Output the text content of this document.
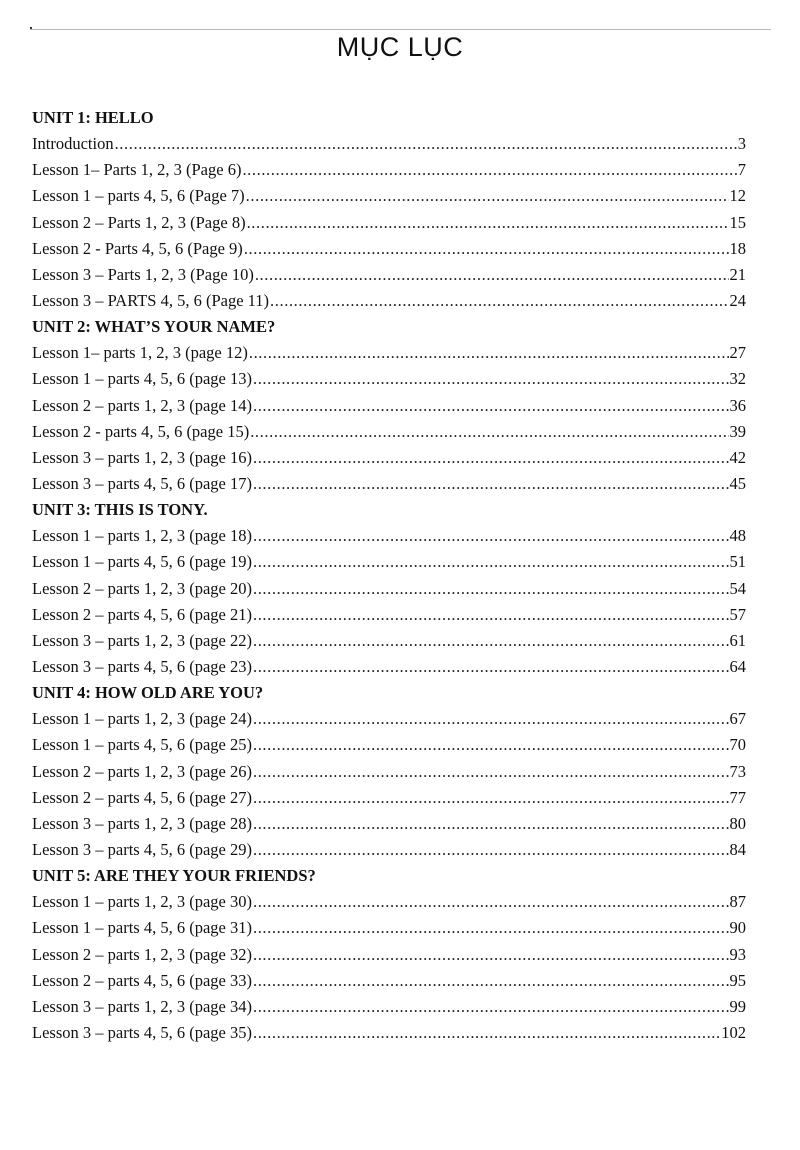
MỤC LỤC
UNIT 1: HELLO
Introduction .....	3
Lesson 1– Parts 1, 2, 3 (Page 6) .....	7
Lesson 1 – parts 4, 5, 6 (Page 7) .....	12
Lesson 2 – Parts 1, 2, 3 (Page 8) .....	15
Lesson 2 - Parts 4, 5, 6 (Page 9) .....	18
Lesson 3 – Parts 1, 2, 3 (Page 10) .....	21
Lesson 3 – PARTS 4, 5, 6 (Page 11) .....	24
UNIT 2: WHAT’S YOUR NAME?
Lesson 1– parts 1, 2, 3 (page 12) .....	27
Lesson 1 – parts 4, 5, 6 (page 13) .....	32
Lesson 2 – parts 1, 2, 3 (page 14) .....	36
Lesson 2 - parts 4, 5, 6 (page 15) .....	39
Lesson 3 – parts 1, 2, 3 (page 16) .....	42
Lesson 3 – parts 4, 5, 6 (page 17) .....	45
UNIT 3: THIS IS TONY.
Lesson 1 – parts 1, 2, 3 (page 18) .....	48
Lesson 1 – parts 4, 5, 6 (page 19) .....	51
Lesson 2 – parts 1, 2, 3 (page 20) .....	54
Lesson 2 – parts 4, 5, 6 (page 21) .....	57
Lesson 3 – parts 1, 2, 3 (page 22) .....	61
Lesson 3 – parts 4, 5, 6 (page 23) .....	64
UNIT 4: HOW OLD ARE YOU?
Lesson 1 – parts 1, 2, 3 (page 24) .....	67
Lesson 1 – parts 4, 5, 6 (page 25) .....	70
Lesson 2 – parts 1, 2, 3 (page 26) .....	73
Lesson 2 – parts 4, 5, 6 (page 27) .....	77
Lesson 3 – parts 1, 2, 3 (page 28) .....	80
Lesson 3 – parts 4, 5, 6 (page 29) .....	84
UNIT 5: ARE THEY YOUR FRIENDS?
Lesson 1 – parts 1, 2, 3 (page 30) .....	87
Lesson 1 – parts 4, 5, 6 (page 31) .....	90
Lesson 2 – parts 1, 2, 3 (page 32) .....	93
Lesson 2 – parts 4, 5, 6 (page 33) .....	95
Lesson 3 – parts 1, 2, 3 (page 34) .....	99
Lesson 3 – parts 4, 5, 6 (page 35) .....	102
